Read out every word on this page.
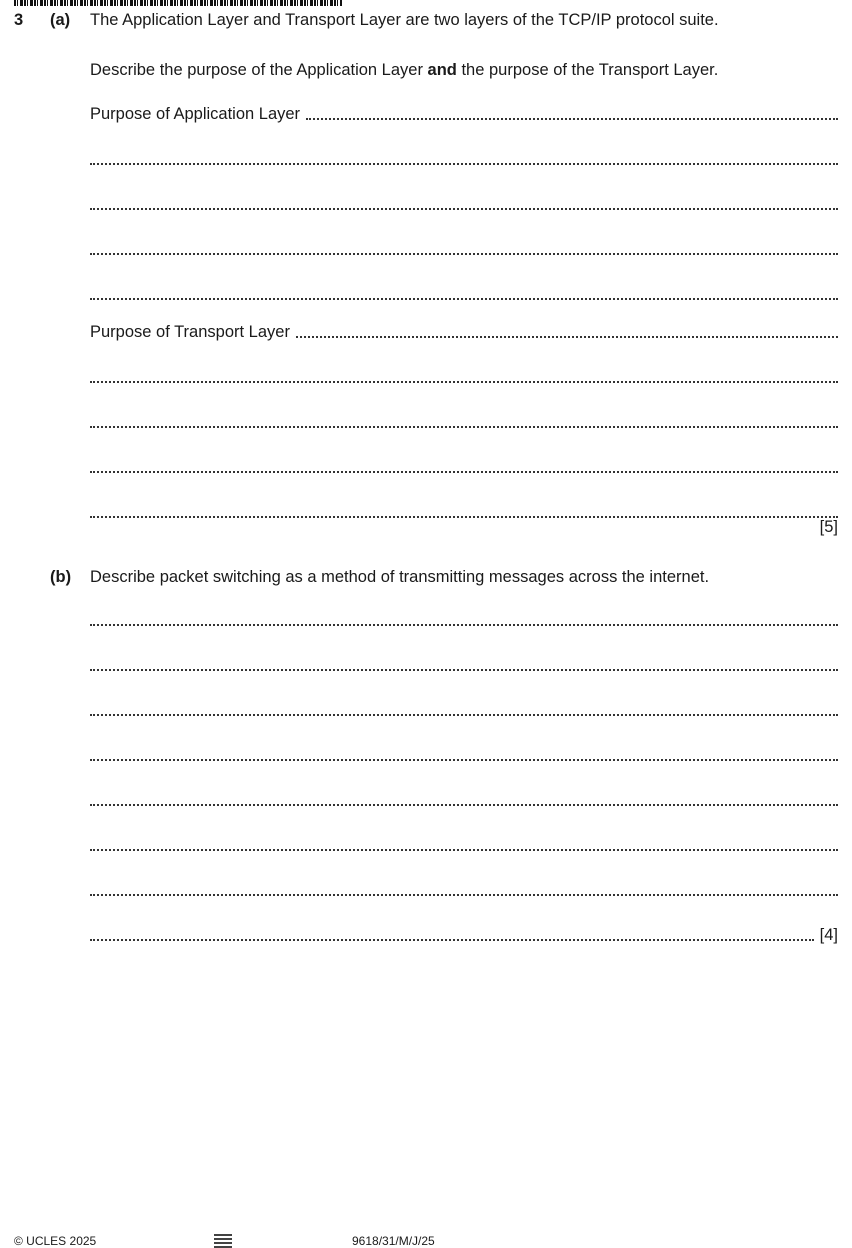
3 (a) The Application Layer and Transport Layer are two layers of the TCP/IP protocol suite.
Describe the purpose of the Application Layer and the purpose of the Transport Layer.
Purpose of Application Layer
Purpose of Transport Layer
[5]
(b) Describe packet switching as a method of transmitting messages across the internet.
[4]
© UCLES 2025	9618/31/M/J/25
